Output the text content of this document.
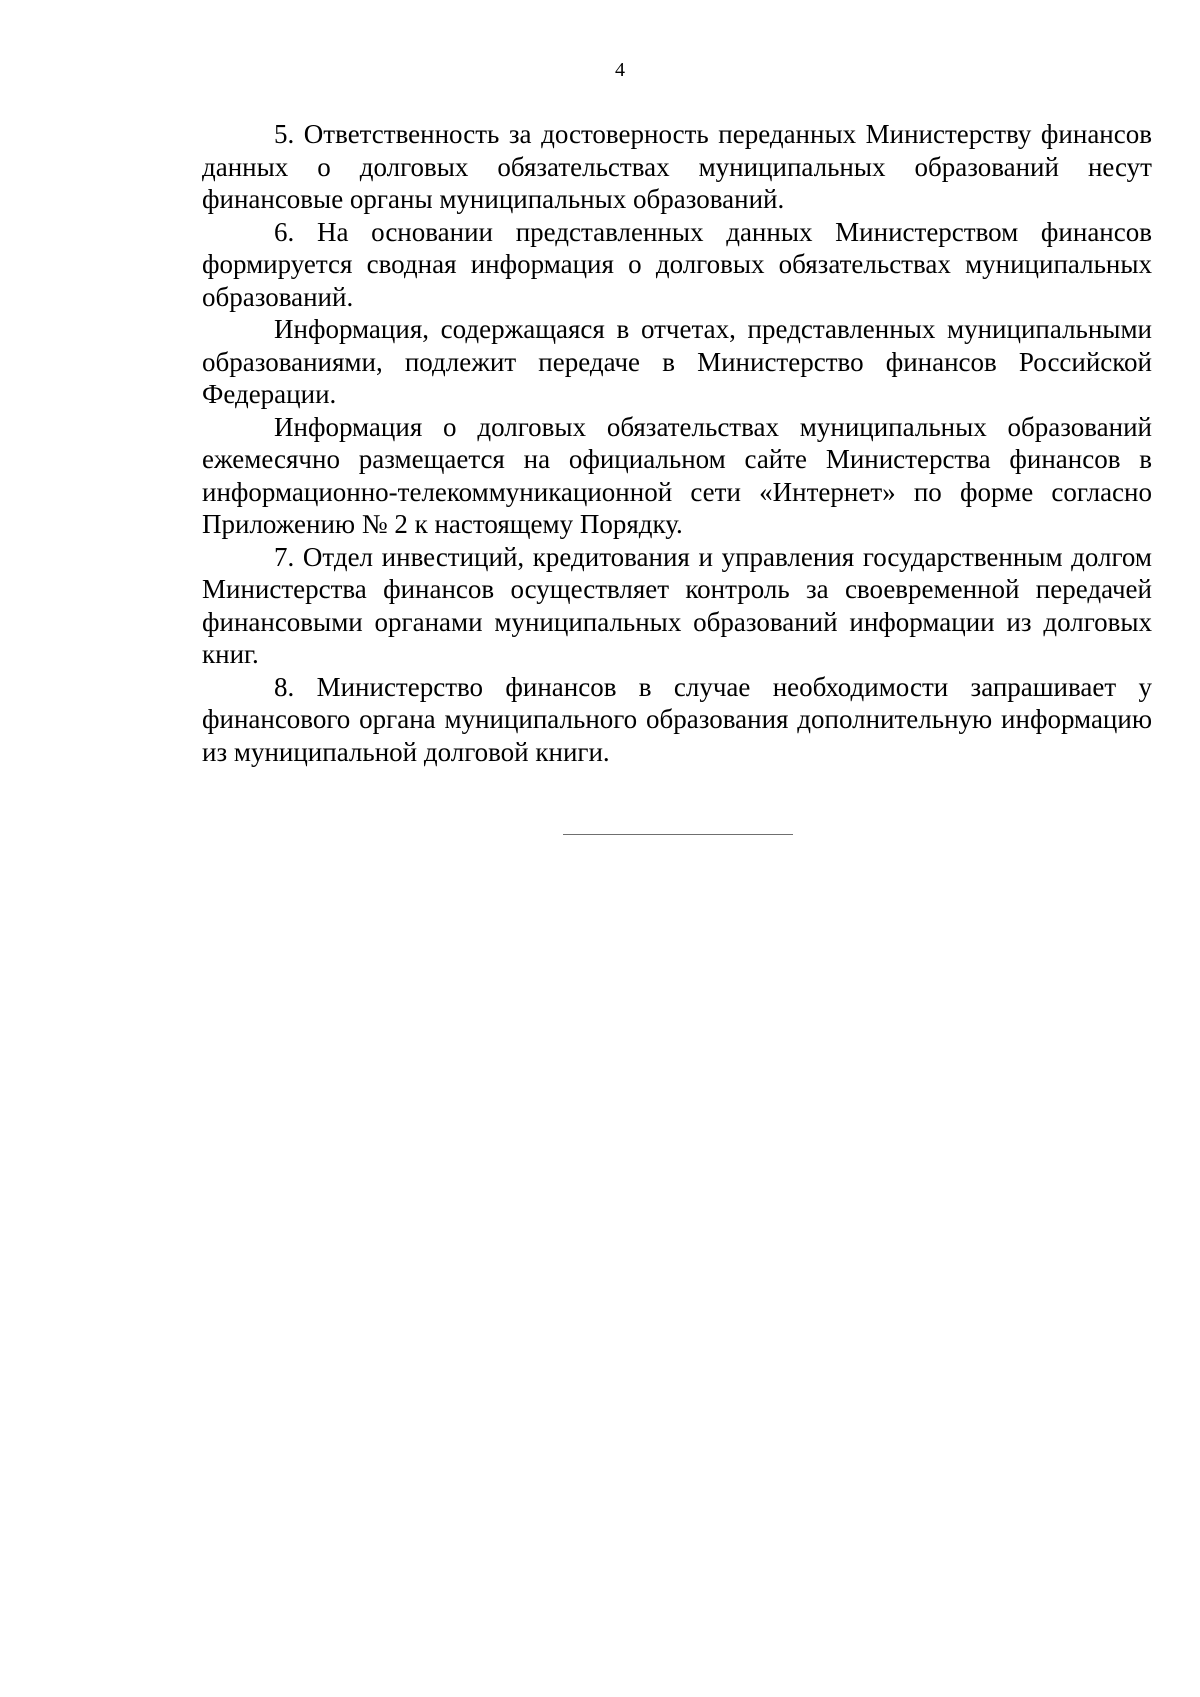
4

5. Ответственность за достоверность переданных Министерству финансов данных о долговых обязательствах муниципальных образований несут финансовые органы муниципальных образований.

6. На основании представленных данных Министерством финансов формируется сводная информация о долговых обязательствах муниципальных образований.

Информация, содержащаяся в отчетах, представленных муниципальными образованиями, подлежит передаче в Министерство финансов Российской Федерации.

Информация о долговых обязательствах муниципальных образований ежемесячно размещается на официальном сайте Министерства финансов в информационно-телекоммуникационной сети «Интернет» по форме согласно Приложению № 2 к настоящему Порядку.

7. Отдел инвестиций, кредитования и управления государственным долгом Министерства финансов осуществляет контроль за своевременной передачей финансовыми органами муниципальных образований информации из долговых книг.

8. Министерство финансов в случае необходимости запрашивает у финансового органа муниципального образования дополнительную информацию из муниципальной долговой книги.
